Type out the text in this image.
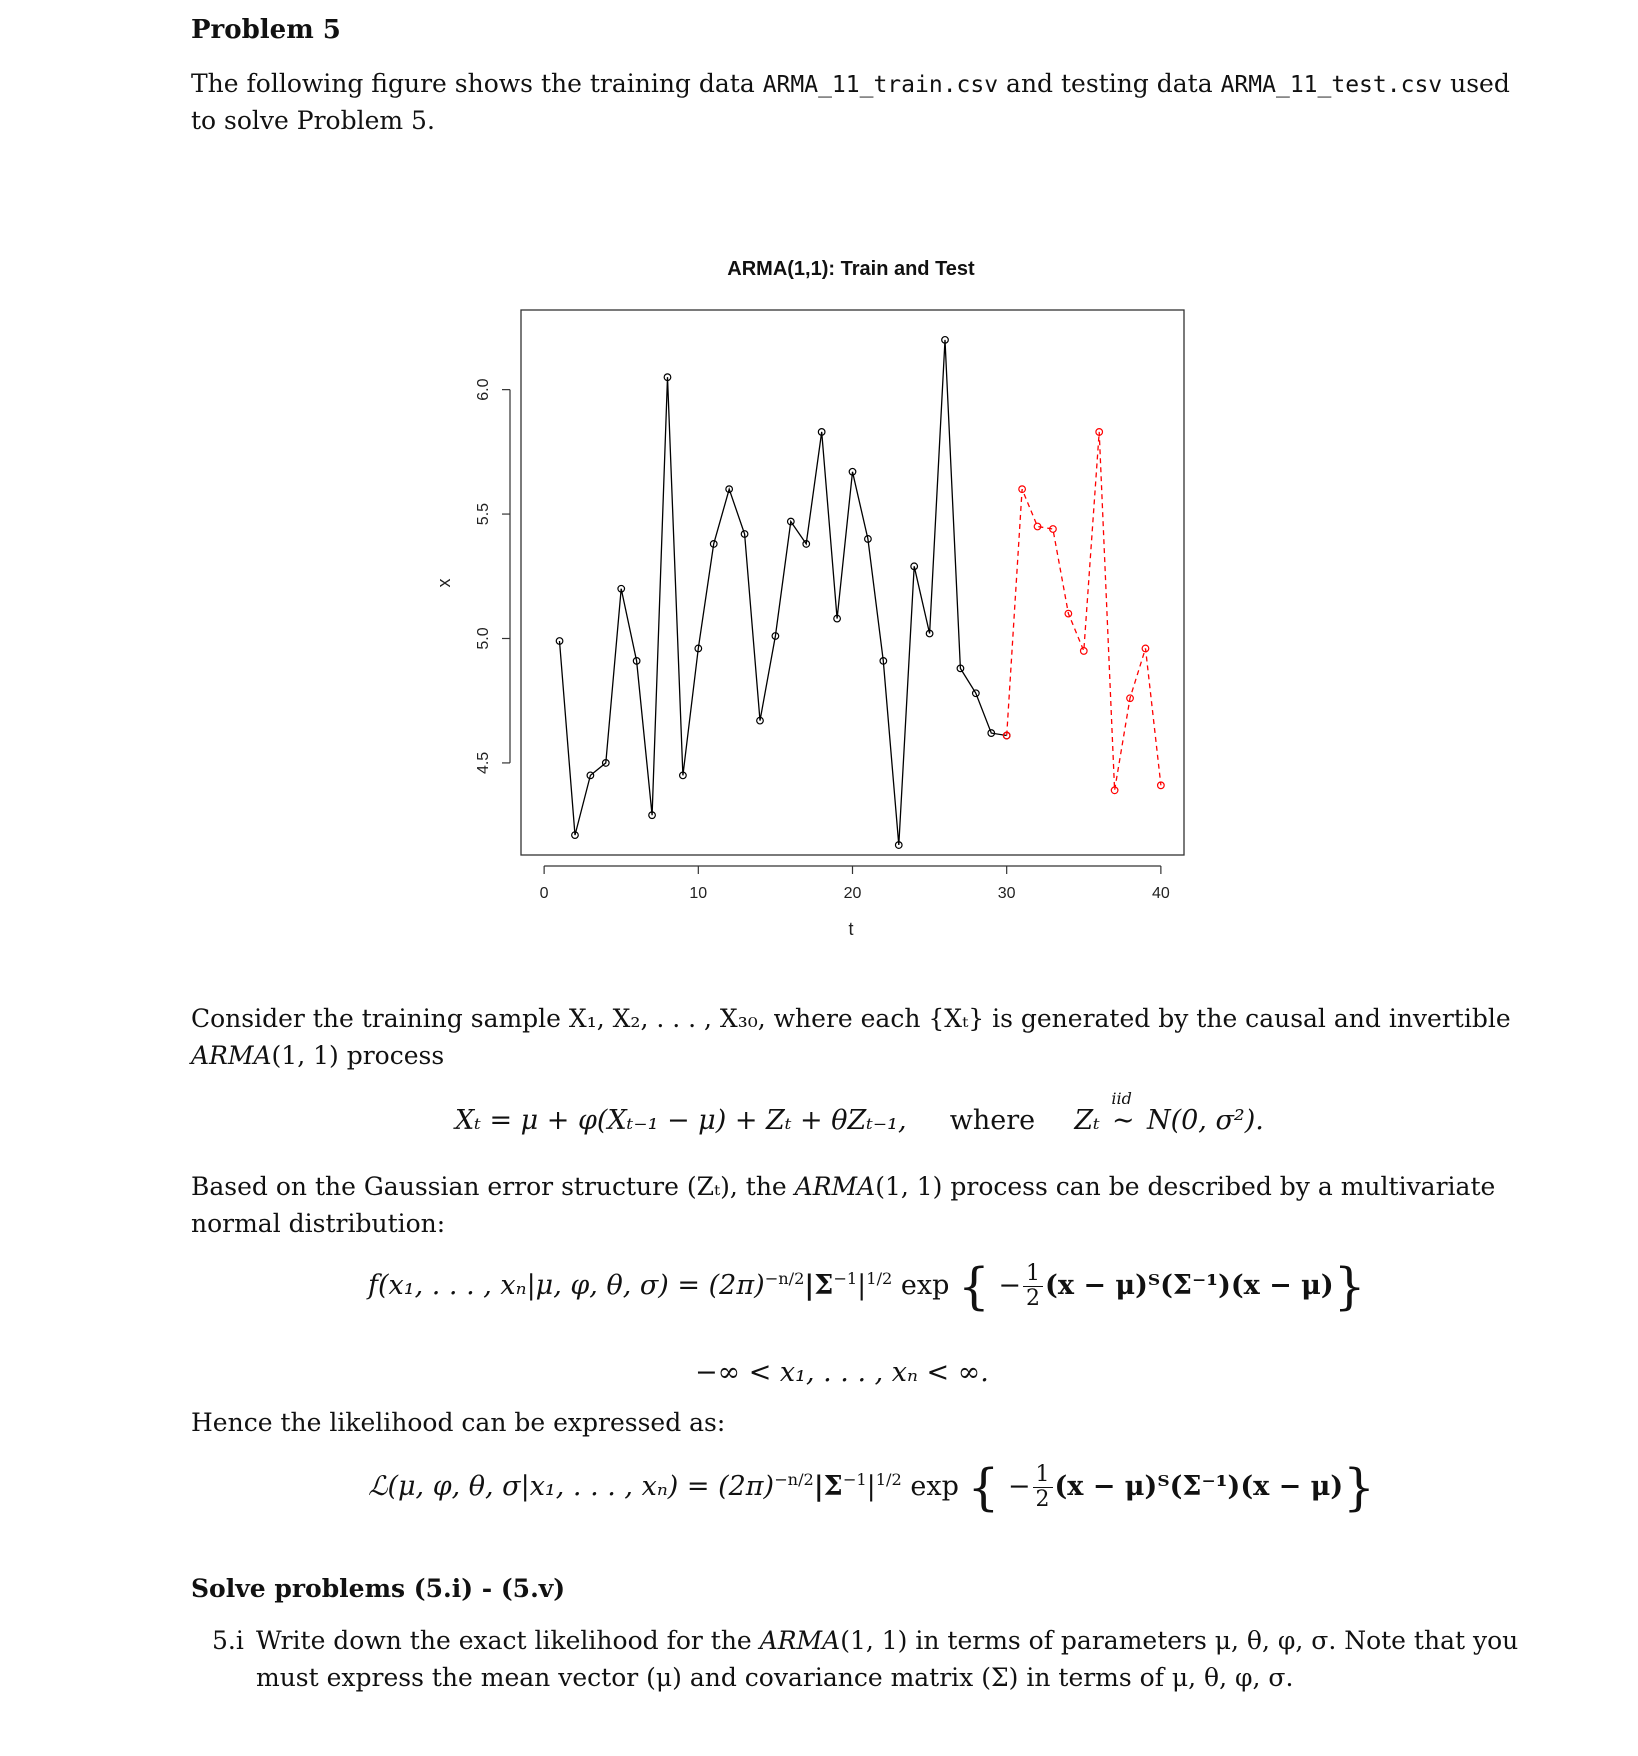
Problem 5
The following figure shows the training data ARMA_11_train.csv and testing data ARMA_11_test.csv used
to solve Problem 5.
ARMA(1,1): Train and Test
x
t
0	10	20	30	40
4.5
5.0
5.5
6.0
Consider the training sample X₁, X₂, . . . , X₃₀, where each {Xₜ} is generated by the causal and invertible
ARMA(1, 1) process
Xₜ = μ + φ(Xₜ₋₁ − μ) + Zₜ + θZₜ₋₁, where Zₜ
iid
∼ N(0, σ²).
Based on the Gaussian error structure (Zₜ), the ARMA(1, 1) process can be described by a multivariate
normal distribution:
f(x₁, . . . , xₙ|μ, φ, θ, $\sigma) = (2\pi)^{-n/2}|\Sigma^{-1}|^{1/2}$ exp { − $\frac{1}{2} (x$ − μ)ᵀ(Σ⁻¹)(x − μ)}
−∞ < x₁, . . . , xₙ < ∞.
Hence the likelihood can be expressed as:
ℒ(μ, φ, θ, σ|x₁, . . . , $x_n) = (2\pi)^{-n/2}|\Sigma^{-1}|^{1/2}$ exp { − $\frac{1}{2} (x$ − μ)ᵀ(Σ⁻¹)(x − μ)}
Solve problems (5.i) - (5.v)
5.i Write down the exact likelihood for the ARMA(1, 1) in terms of parameters μ, θ, φ, σ. Note that you
must express the mean vector (μ) and covariance matrix (Σ) in terms of μ, θ, φ, σ.
